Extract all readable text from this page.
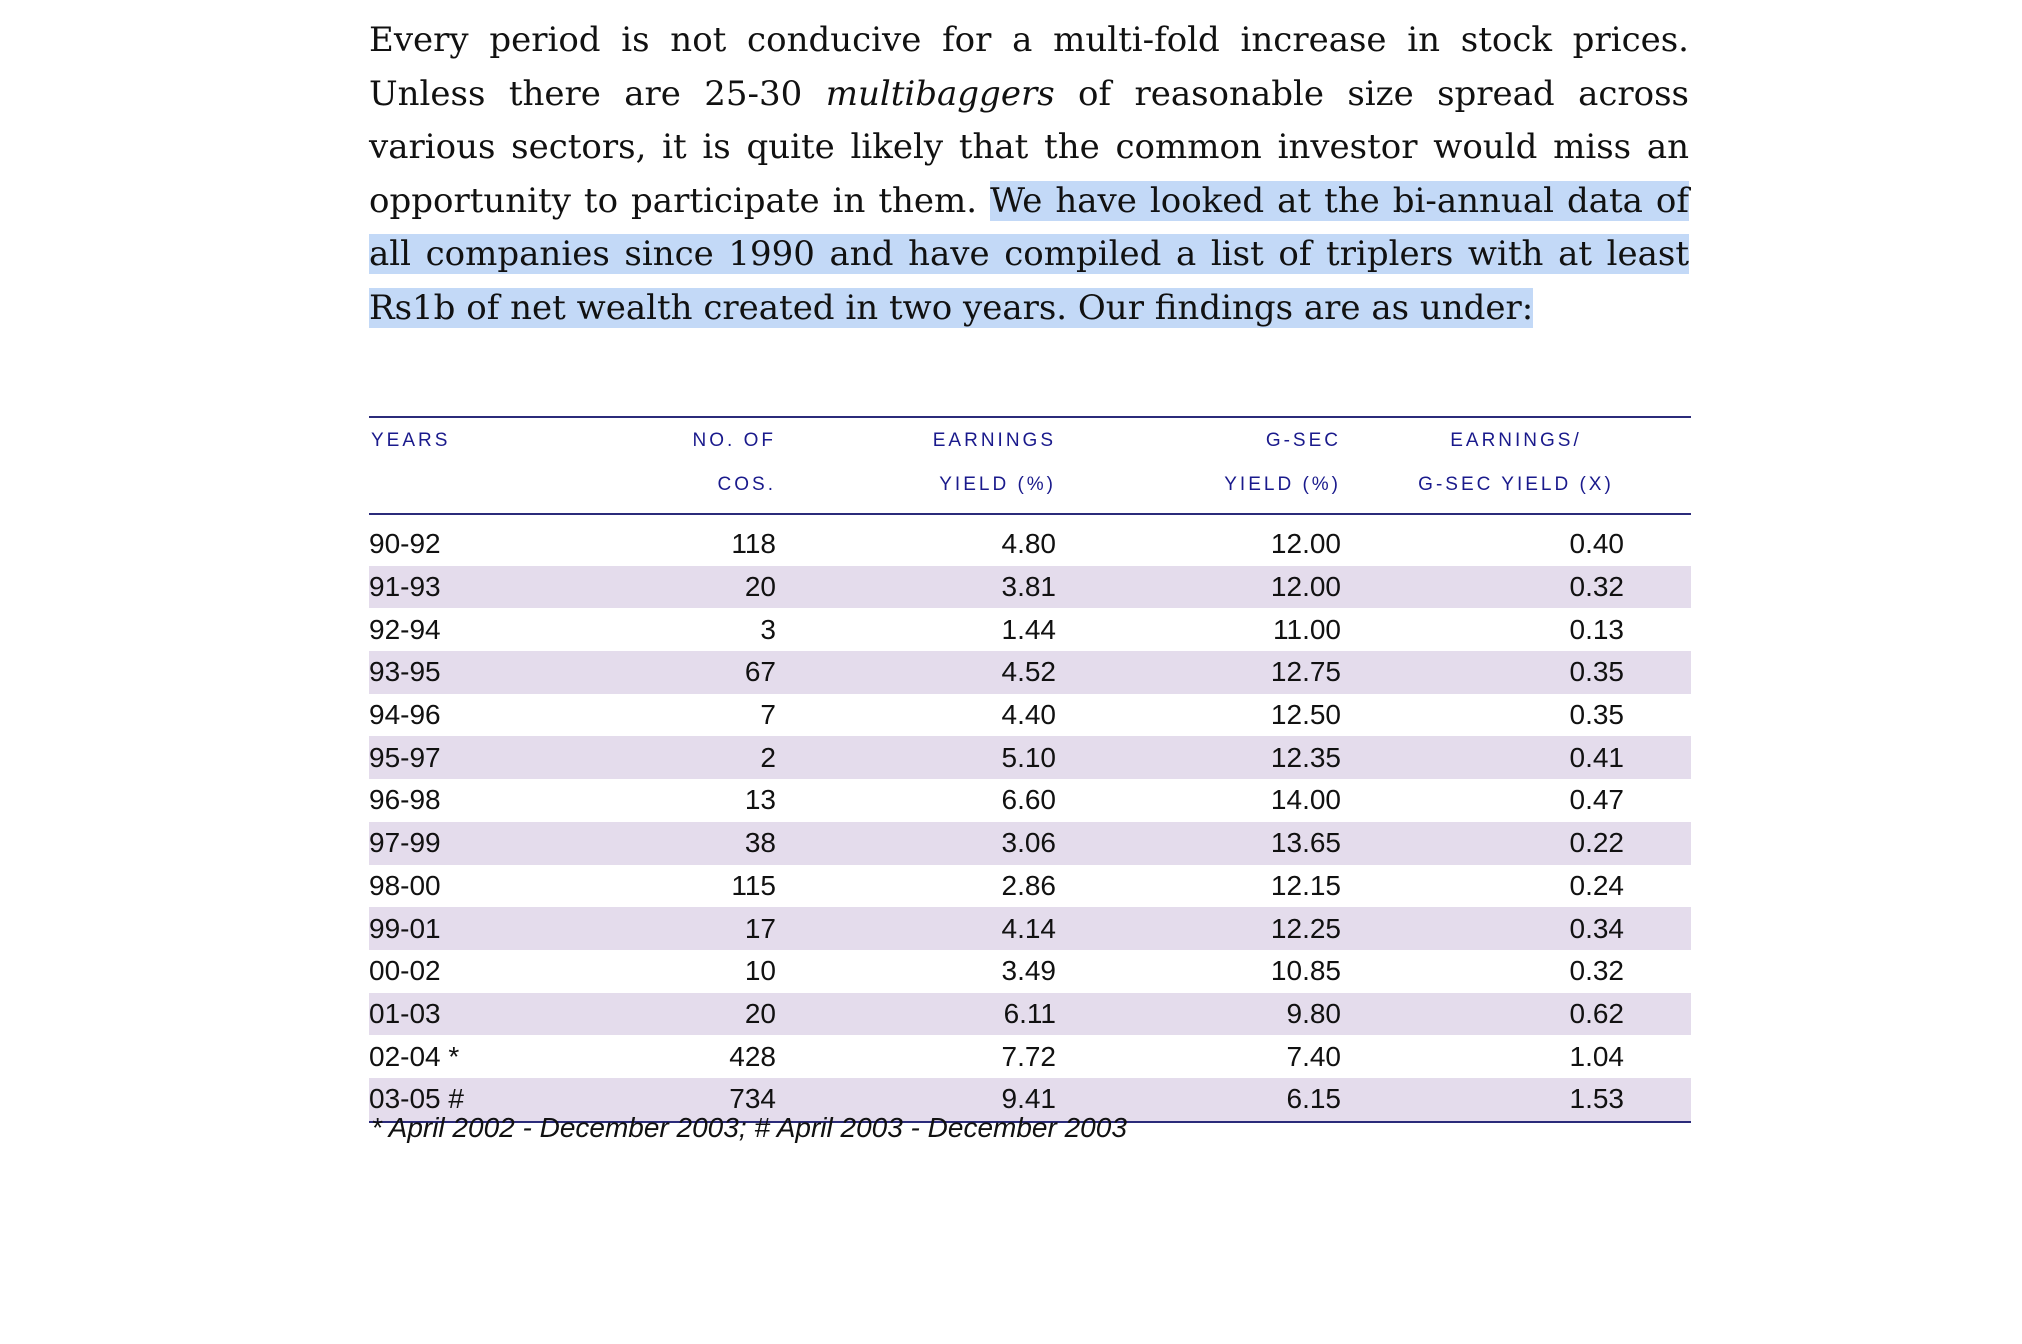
Every period is not conducive for a multi-fold increase in stock prices. Unless there are 25-30 multibaggers of reasonable size spread across various sectors, it is quite likely that the common investor would miss an opportunity to participate in them. We have looked at the bi-annual data of all companies since 1990 and have compiled a list of triplers with at least Rs1b of net wealth created in two years. Our findings are as under:

YEARS	NO. OF	EARNINGS	G-SEC	EARNINGS/
	COS.	YIELD (%)	YIELD (%)	G-SEC YIELD (X)
90-92	118	4.80	12.00	0.40
91-93	20	3.81	12.00	0.32
92-94	3	1.44	11.00	0.13
93-95	67	4.52	12.75	0.35
94-96	7	4.40	12.50	0.35
95-97	2	5.10	12.35	0.41
96-98	13	6.60	14.00	0.47
97-99	38	3.06	13.65	0.22
98-00	115	2.86	12.15	0.24
99-01	17	4.14	12.25	0.34
00-02	10	3.49	10.85	0.32
01-03	20	6.11	9.80	0.62
02-04 *	428	7.72	7.40	1.04
03-05 #	734	9.41	6.15	1.53

* April 2002 - December 2003; # April 2003 - December 2003
